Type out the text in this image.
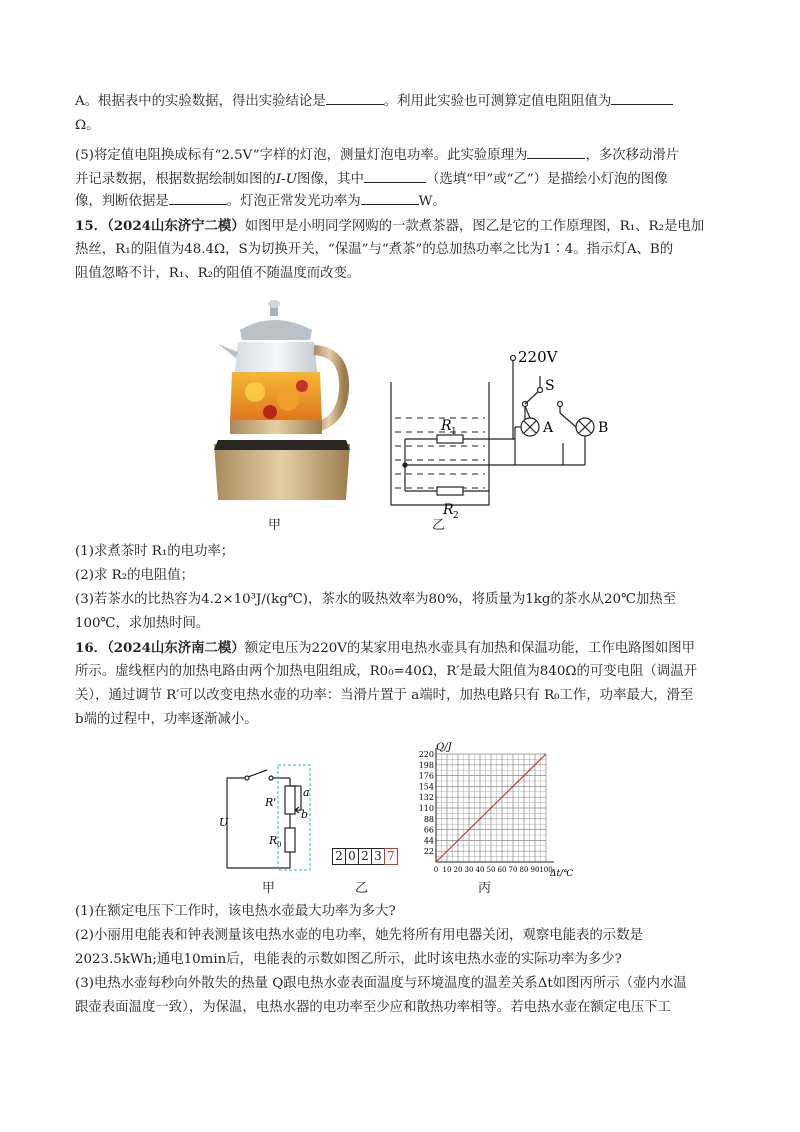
A。根据表中的实验数据，得出实验结论是	。利用此实验也可测算定值电阻阻值为
Ω。
(5)将定值电阻换成标有“2.5V”字样的灯泡，测量灯泡电功率。此实验原理为	，多次移动滑片
并记录数据，根据数据绘制如图的I-U图像，其中	（选填“甲”或“乙”）是描绘小灯泡的图像
像，判断依据是	。灯泡正常发光功率为	W。
15．（2024山东济宁二模）如图甲是小明同学网购的一款煮茶器，图乙是它的工作原理图，R₁、R₂是电加
热丝，R₁的阻值为48.4Ω，S为切换开关，“保温”与“煮茶”的总加热功率之比为1∶4。指示灯A、B的
阻值忽略不计，R₁、R₂的阻值不随温度而改变。
甲
220V
S
R 1
R 2
A	B
乙
(1)求煮茶时 R₁的电功率；
(2)求 R₂的电阻值；
(3)若茶水的比热容为4.2×10³J/(kg℃)，茶水的吸热效率为80%，将质量为1kg的茶水从20℃加热至
100℃，求加热时间。
16．（2024山东济南二模）额定电压为220V的某家用电热水壶具有加热和保温功能，工作电路图如图甲
所示。虚线框内的加热电路由两个加热电阻组成，R0₀=40Ω，R′是最大阻值为840Ω的可变电阻（调温开
关），通过调节 R′可以改变电热水壶的功率：当滑片置于 a端时，加热电路只有 R₀工作，功率最大，滑至
b端的过程中，功率逐渐减小。
U
R'
a
b
R 0
甲
2 0 2 3 7
乙
22
44
66
88
110
132
154
176
198
220
0 10 20 30 40 50 60 70 80 90 100
Q/J
Δt/℃
丙
(1)在额定电压下工作时，该电热水壶最大功率为多大?
(2)小丽用电能表和钟表测量该电热水壶的电功率，她先将所有用电器关闭，观察电能表的示数是
2023.5kWh;通电10min后，电能表的示数如图乙所示，此时该电热水壶的实际功率为多少?
(3)电热水壶每秒向外散失的热量 Q跟电热水壶表面温度与环境温度的温差关系Δt如图丙所示（壶内水温
跟壶表面温度一致），为保温，电热水器的电功率至少应和散热功率相等。若电热水壶在额定电压下工
